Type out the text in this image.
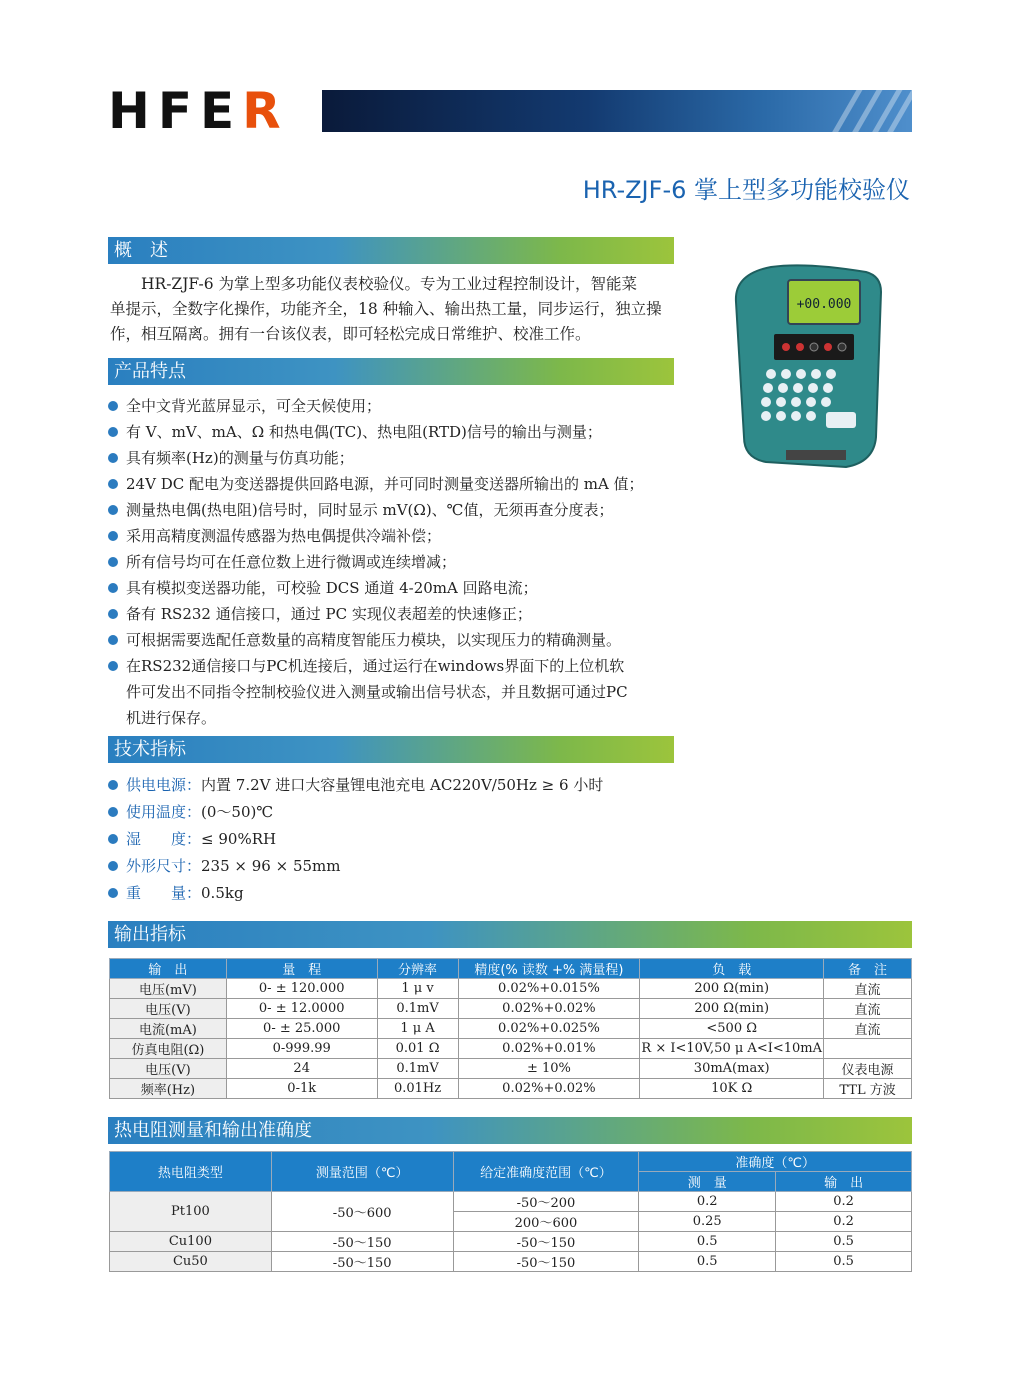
H F E R
HR-ZJF-6 掌上型多功能校验仪
概　述
　　HR-ZJF-6 为掌上型多功能仪表校验仪。专为工业过程控制设计，智能菜
单提示，全数字化操作，功能齐全，18 种输入、输出热工量，同步运行，独立操
作，相互隔离。拥有一台该仪表，即可轻松完成日常维护、校准工作。
+00.000
产品特点
全中文背光蓝屏显示，可全天候使用；
有 V、mV、mA、Ω 和热电偶(TC)、热电阻(RTD)信号的输出与测量；
具有频率(Hz)的测量与仿真功能；
24V DC 配电为变送器提供回路电源，并可同时测量变送器所输出的 mA 值；
测量热电偶(热电阻)信号时，同时显示 mV(Ω)、℃值，无须再查分度表；
采用高精度测温传感器为热电偶提供冷端补偿；
所有信号均可在任意位数上进行微调或连续增减；
具有模拟变送器功能，可校验 DCS 通道 4-20mA 回路电流；
备有 RS232 通信接口，通过 PC 实现仪表超差的快速修正；
可根据需要选配任意数量的高精度智能压力模块，以实现压力的精确测量。
在RS232通信接口与PC机连接后，通过运行在windows界面下的上位机软
件可发出不同指令控制校验仪进入测量或输出信号状态，并且数据可通过PC
机进行保存。
技术指标
供电电源： 内置 7.2V 进口大容量锂电池充电 AC220V/50Hz ≥ 6 小时
使用温度： (0～50)℃
湿　　度： ≤ 90%RH
外形尺寸： 235 × 96 × 55mm
重　　量： 0.5kg
输出指标
输　出	量　程	分辨率	精度(% 读数 +% 满量程)	负　载	备　注
电压(mV)	0- ± 120.000	1 μ v	0.02%+0.015%	200 Ω(min)	直流
电压(V)	0- ± 12.0000	0.1mV	0.02%+0.02%	200 Ω(min)	直流
电流(mA)	0- ± 25.000	1 μ A	0.02%+0.025%	<500 Ω	直流
仿真电阻(Ω)	0-999.99	0.01 Ω	0.02%+0.01%	R × I<10V,50 μ A<I<10mA	
电压(V)	24	0.1mV	± 10%	30mA(max)	仪表电源
频率(Hz)	0-1k	0.01Hz	0.02%+0.02%	10K Ω	TTL 方波
热电阻测量和输出准确度
热电阻类型	测量范围（℃）	给定准确度范围（℃）	准确度（℃）	
			测　量	输　出
Pt100	-50～600	-50～200	0.2	0.2
		200～600	0.25	0.2
Cu100	-50～150	-50～150	0.5	0.5
Cu50	-50～150	-50～150	0.5	0.5
